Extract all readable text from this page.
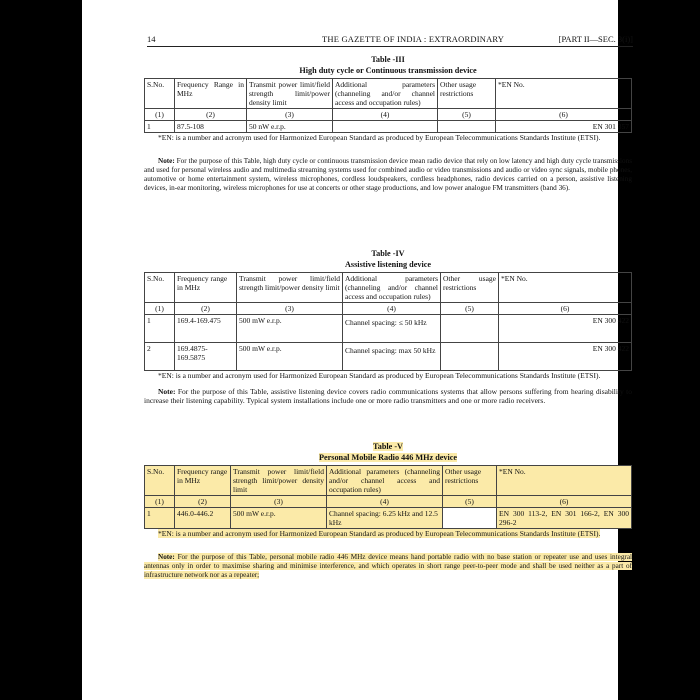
14	THE GAZETTE OF INDIA : EXTRAORDINARY	[PART II—SEC. 3(i)]
Table -III
High duty cycle or Continuous transmission device
S.No.	Frequency Range in MHz	Transmit power limit/field strength limit/power density limit	Additional parameters (channeling and/or channel access and occupation rules)	Other usage restrictions	*EN No.
(1)	(2)	(3)	(4)	(5)	(6)
1	87.5-108	50 nW e.r.p.			EN 301 357
*EN: is a number and acronym used for Harmonized European Standard as produced by European Telecommunications Standards Institute (ETSI).
Note: For the purpose of this Table, high duty cycle or continuous transmission device mean radio device that rely on low latency and high duty cycle transmissions and used for personal wireless audio and multimedia streaming systems used for combined audio or video transmissions and audio or video sync signals, mobile phones, automotive or home entertainment system, wireless microphones, cordless loudspeakers, cordless headphones, radio devices carried on a person, assistive listening devices, in-ear monitoring, wireless microphones for use at concerts or other stage productions, and low power analogue FM transmitters (band 36).
Table -IV
Assistive listening device
S.No.	Frequency range in MHz	Transmit power limit/field strength limit/power density limit	Additional parameters (channeling and/or channel access and occupation rules)	Other usage restrictions	*EN No.
(1)	(2)	(3)	(4)	(5)	(6)
1	169.4-169.475	500 mW e.r.p.	Channel spacing: ≤ 50 kHz		EN 300 422
2	169.4875-169.5875	500 mW e.r.p.	Channel spacing: max 50 kHz		EN 300 422
*EN: is a number and acronym used for Harmonized European Standard as produced by European Telecommunications Standards Institute (ETSI).
Note: For the purpose of this Table, assistive listening device covers radio communications systems that allow persons suffering from hearing disability to increase their listening capability. Typical system installations include one or more radio transmitters and one or more radio receivers.
Table -V
Personal Mobile Radio 446 MHz device
S.No.	Frequency range in MHz	Transmit power limit/field strength limit/power density limit	Additional parameters (channeling and/or channel access and occupation rules)	Other usage restrictions	*EN No.
(1)	(2)	(3)	(4)	(5)	(6)
1	446.0-446.2	500 mW e.r.p.	Channel spacing: 6.25 kHz and 12.5 kHz		EN 300 113-2, EN 301 166-2, EN 300 296-2
*EN: is a number and acronym used for Harmonized European Standard as produced by European Telecommunications Standards Institute (ETSI).
Note: For the purpose of this Table, personal mobile radio 446 MHz device means hand portable radio with no base station or repeater use and uses integral antennas only in order to maximise sharing and minimise interference, and which operates in short range peer-to-peer mode and shall be used neither as a part of infrastructure network nor as a repeater;
